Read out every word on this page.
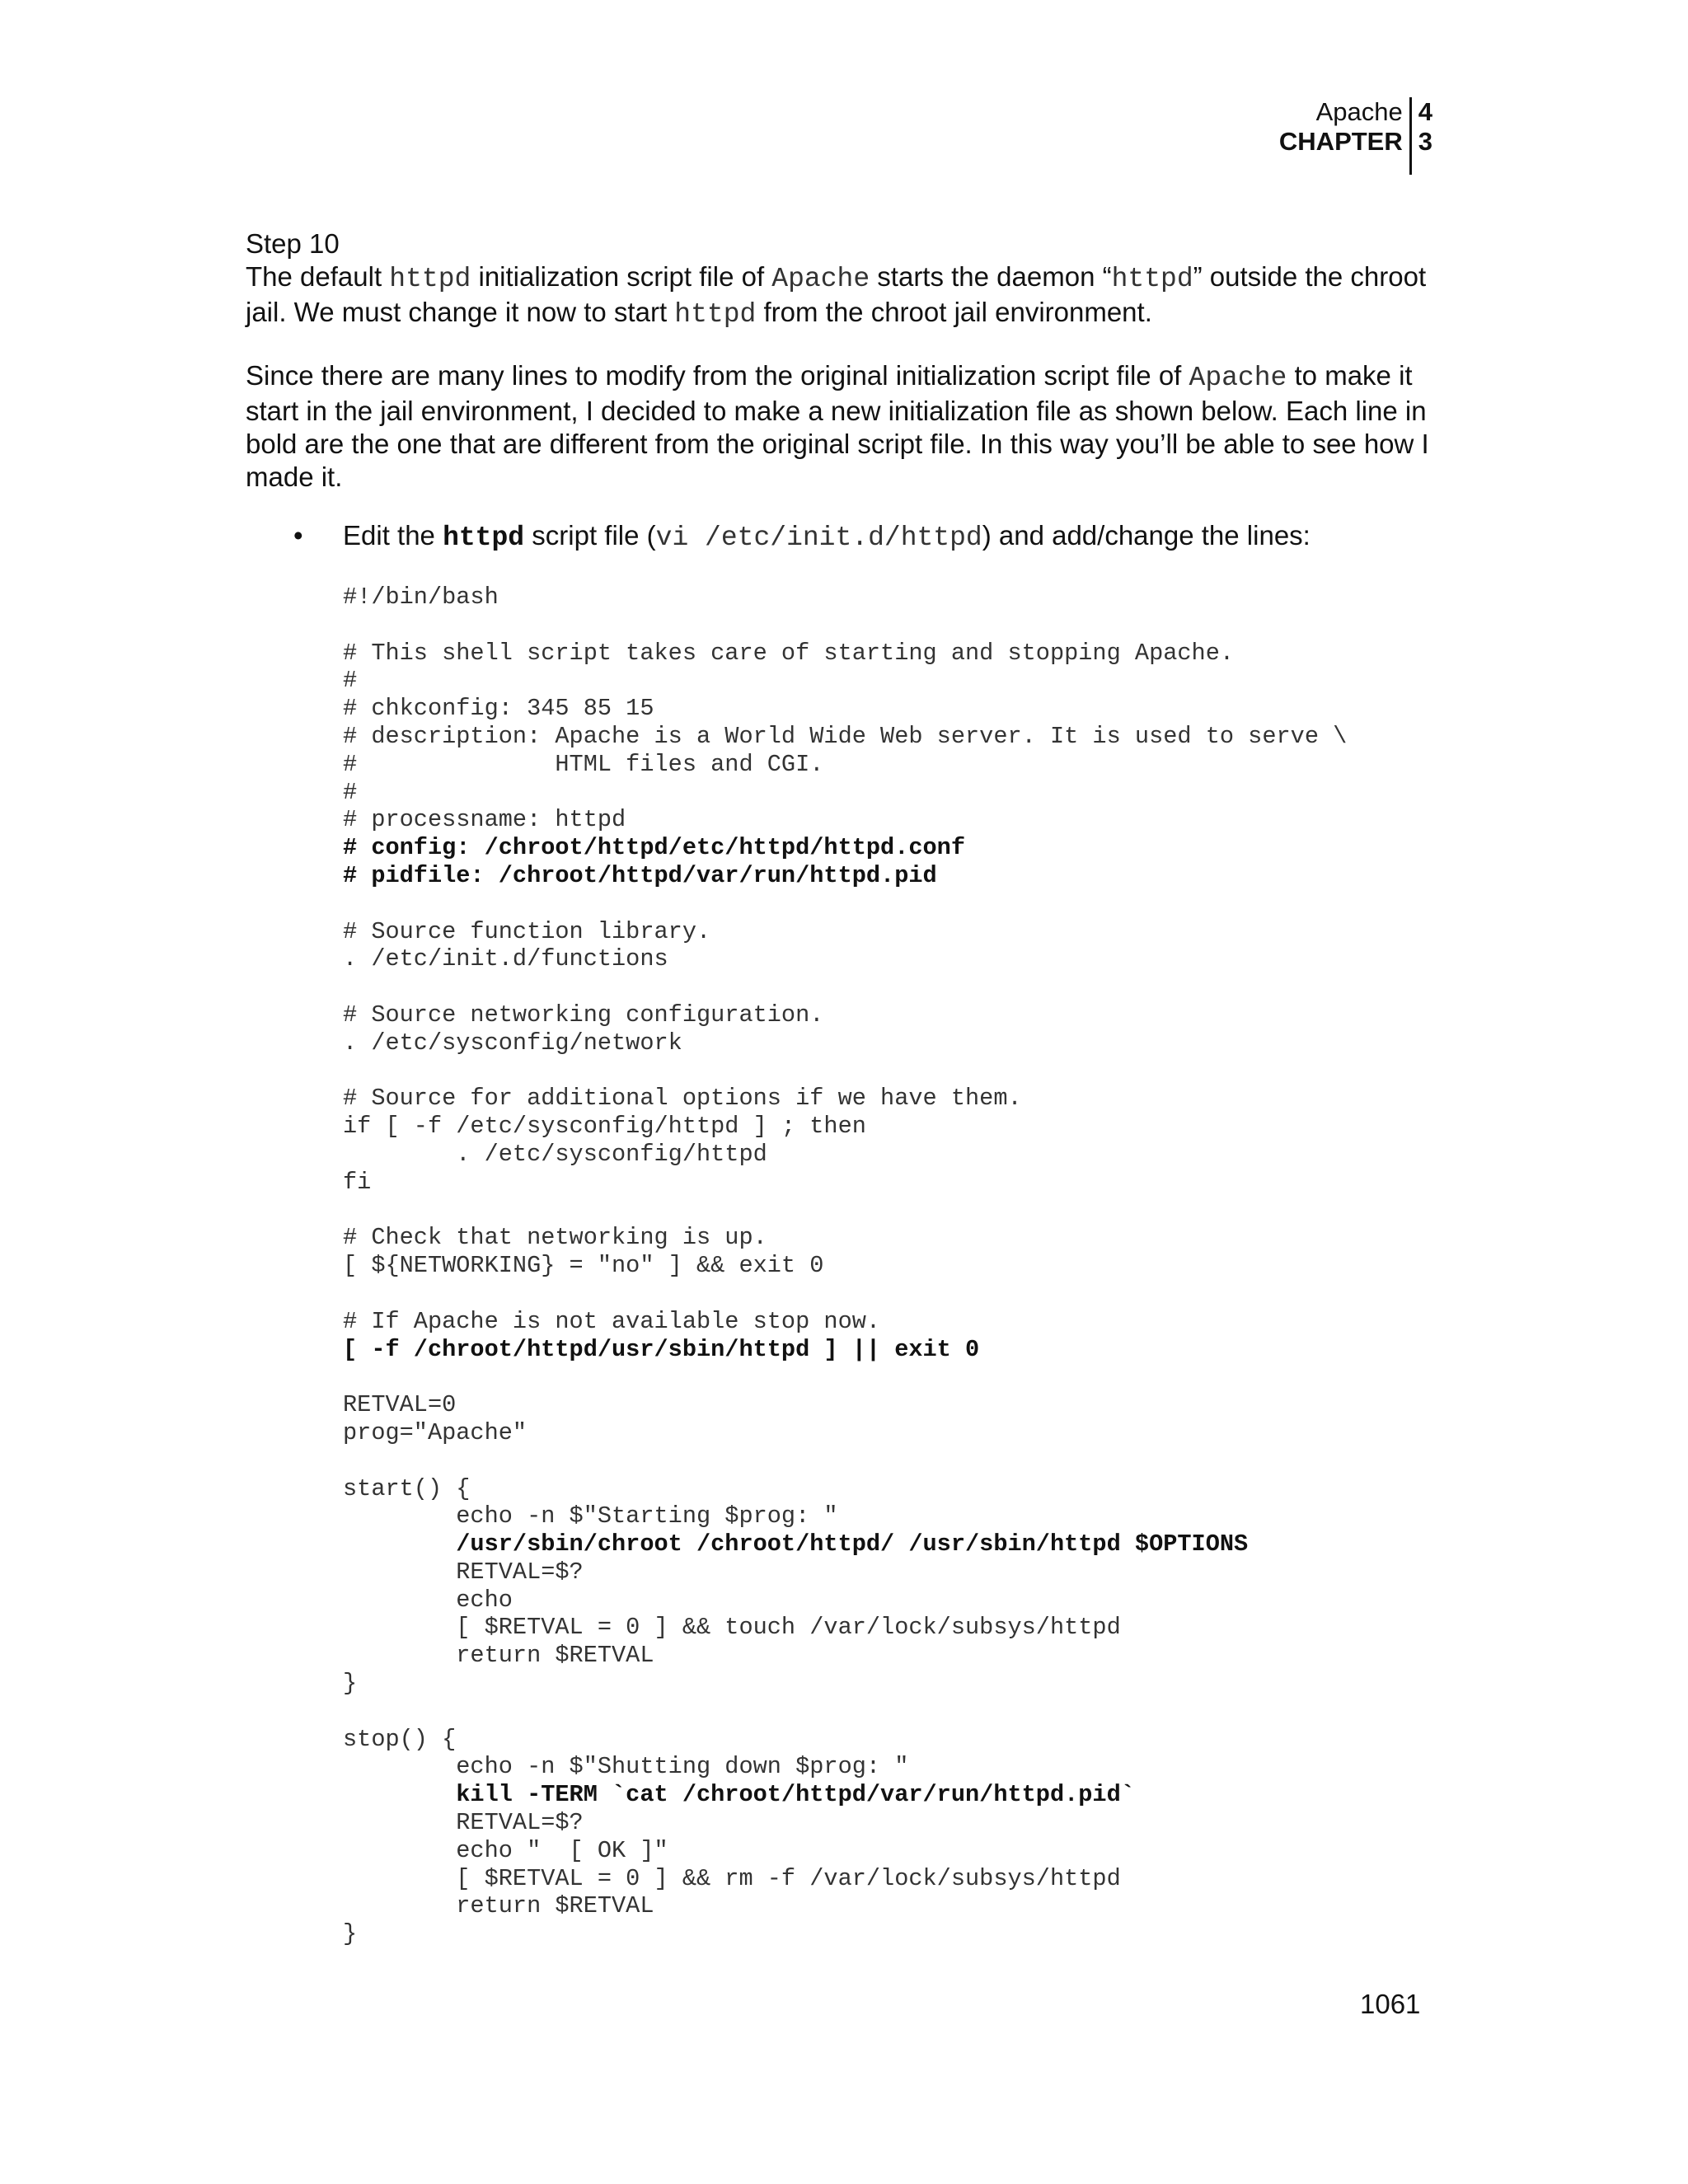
Apache
CHAPTER
4
3
Step 10
The default httpd initialization script file of Apache starts the daemon “httpd” outside the chroot jail. We must change it now to start httpd from the chroot jail environment.
Since there are many lines to modify from the original initialization script file of Apache to make it start in the jail environment, I decided to make a new initialization file as shown below. Each line in bold are the one that are different from the original script file. In this way you’ll be able to see how I made it.
•	Edit the httpd script file (vi /etc/init.d/httpd) and add/change the lines:
#!/bin/bash
# This shell script takes care of starting and stopping Apache.
#
# chkconfig: 345 85 15
# description: Apache is a World Wide Web server. It is used to serve \
#              HTML files and CGI.
#
# processname: httpd
# config: /chroot/httpd/etc/httpd/httpd.conf
# pidfile: /chroot/httpd/var/run/httpd.pid
# Source function library.
. /etc/init.d/functions
# Source networking configuration.
. /etc/sysconfig/network
# Source for additional options if we have them.
if [ -f /etc/sysconfig/httpd ] ; then
. /etc/sysconfig/httpd
fi
# Check that networking is up.
[ ${NETWORKING} = "no" ] && exit 0
# If Apache is not available stop now.
[ -f /chroot/httpd/usr/sbin/httpd ] || exit 0
RETVAL=0
prog="Apache"
start() {
echo -n $"Starting $prog: "
/usr/sbin/chroot /chroot/httpd/ /usr/sbin/httpd $OPTIONS
RETVAL=$?
echo
[ $RETVAL = 0 ] && touch /var/lock/subsys/httpd
return $RETVAL
}
stop() {
echo -n $"Shutting down $prog: "
kill -TERM `cat /chroot/httpd/var/run/httpd.pid`
RETVAL=$?
echo "  [ OK ]"
[ $RETVAL = 0 ] && rm -f /var/lock/subsys/httpd
return $RETVAL
}
1061
